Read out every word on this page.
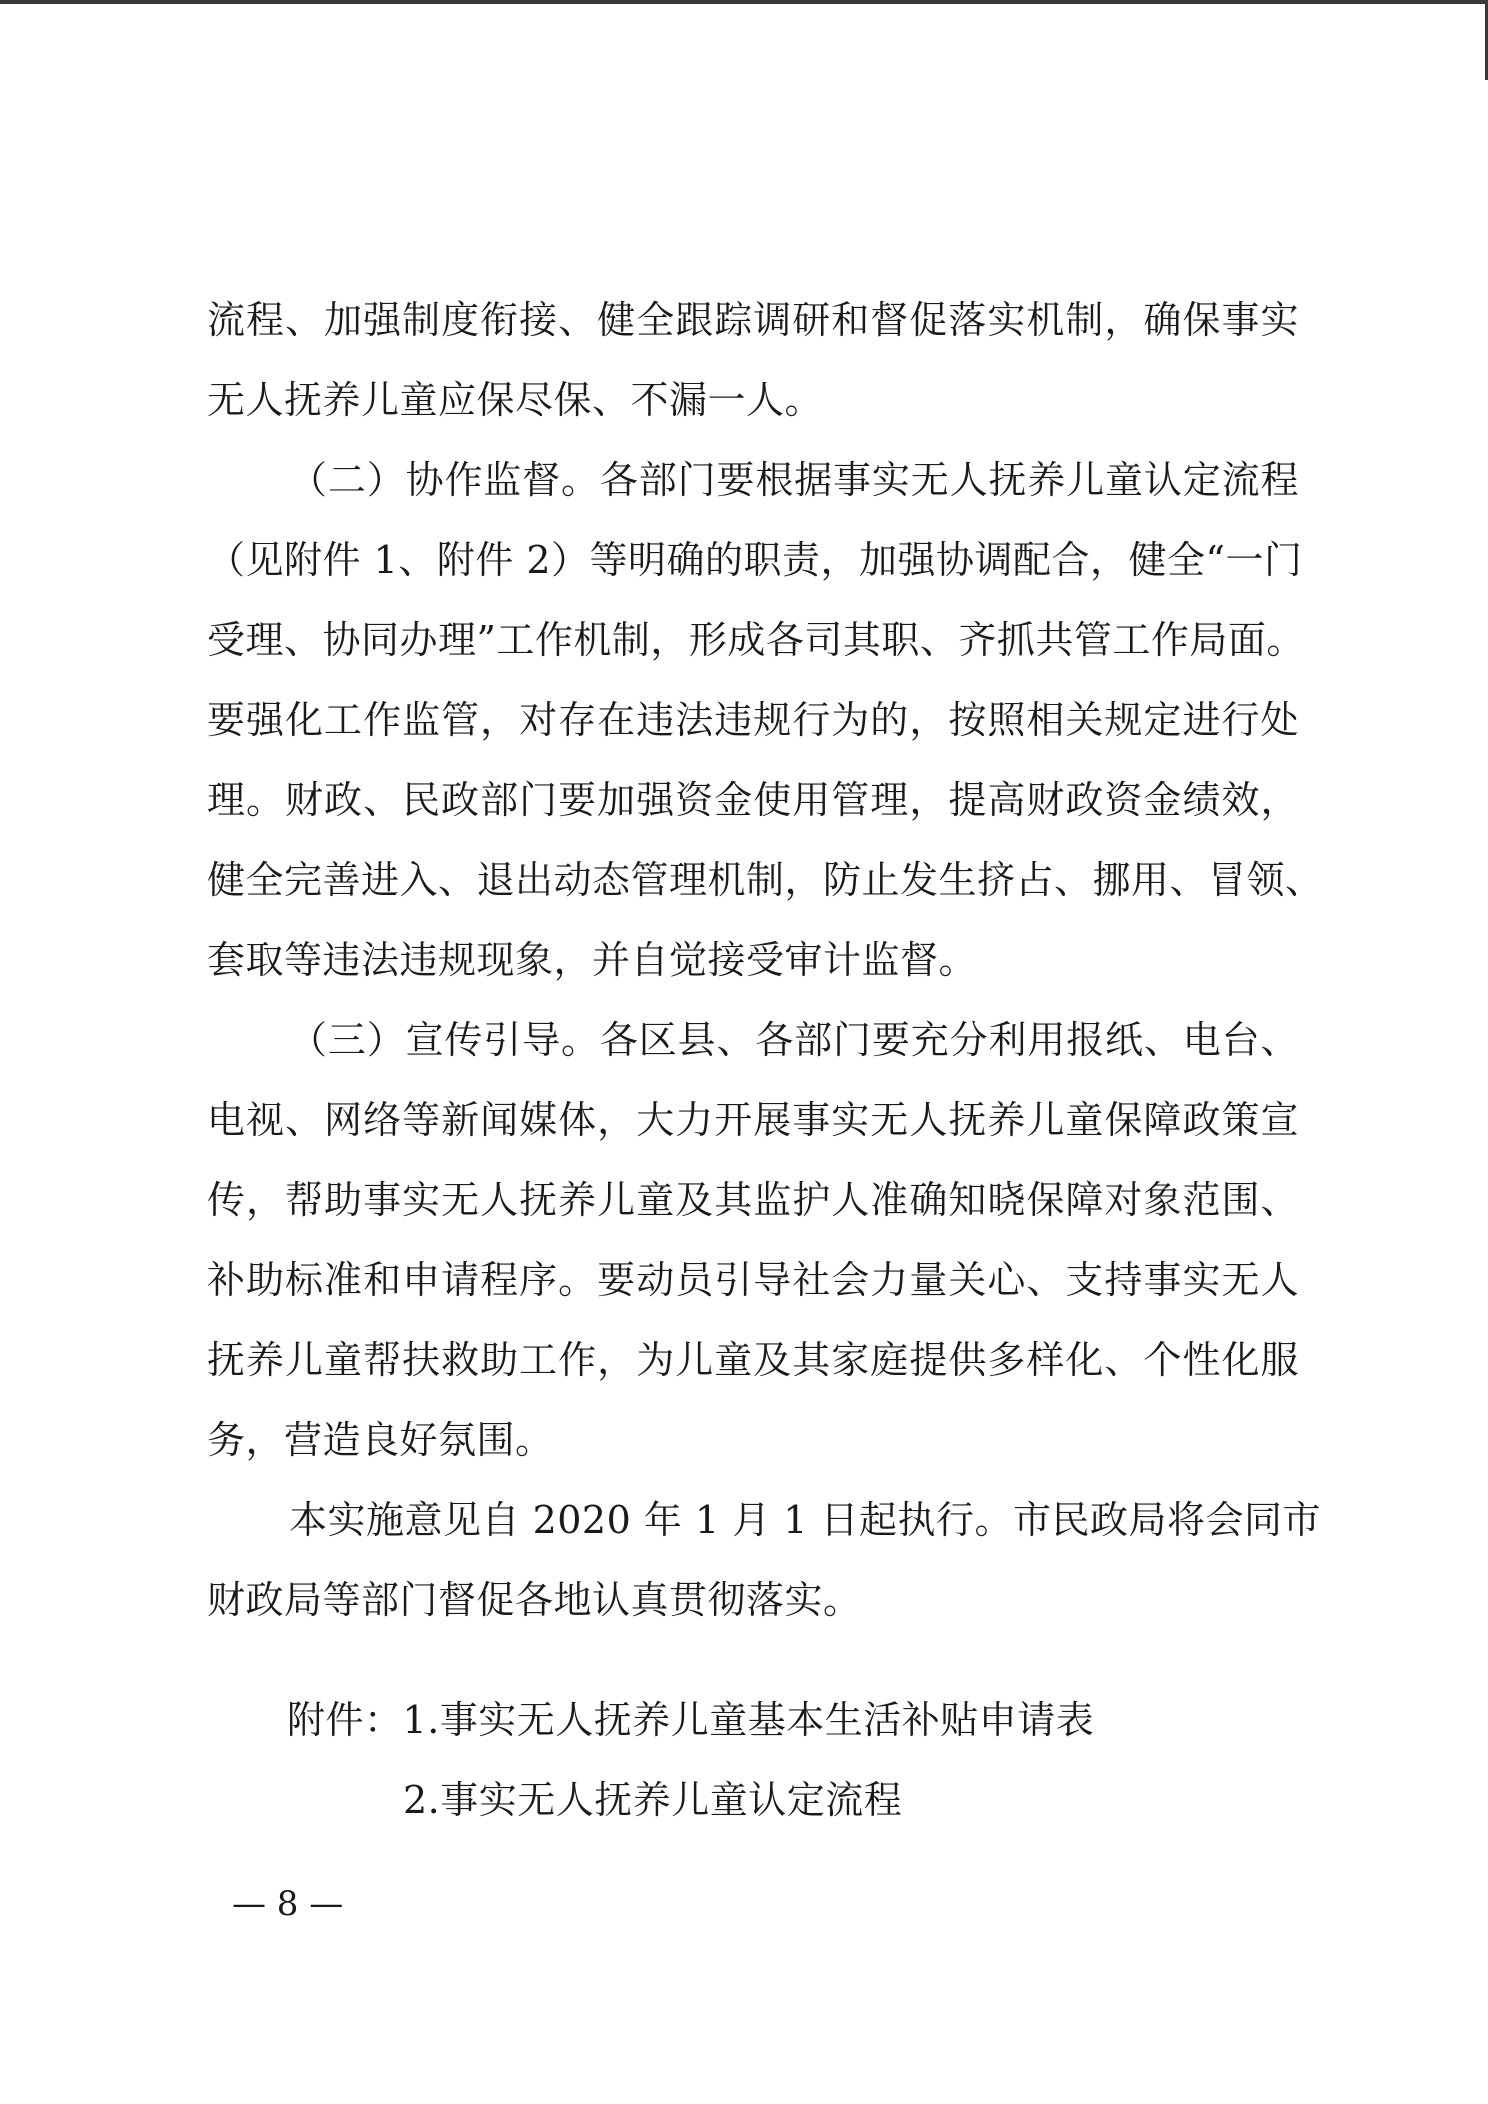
流程、加强制度衔接、健全跟踪调研和督促落实机制，确保事实
无人抚养儿童应保尽保、不漏一人。
（二）协作监督。各部门要根据事实无人抚养儿童认定流程
（见附件 1、附件 2）等明确的职责，加强协调配合，健全“一门
受理、协同办理”工作机制，形成各司其职、齐抓共管工作局面。
要强化工作监管，对存在违法违规行为的，按照相关规定进行处
理。财政、民政部门要加强资金使用管理，提高财政资金绩效，
健全完善进入、退出动态管理机制，防止发生挤占、挪用、冒领、
套取等违法违规现象，并自觉接受审计监督。
（三）宣传引导。各区县、各部门要充分利用报纸、电台、
电视、网络等新闻媒体，大力开展事实无人抚养儿童保障政策宣
传，帮助事实无人抚养儿童及其监护人准确知晓保障对象范围、
补助标准和申请程序。要动员引导社会力量关心、支持事实无人
抚养儿童帮扶救助工作，为儿童及其家庭提供多样化、个性化服
务，营造良好氛围。
本实施意见自 2020 年 1 月 1 日起执行。市民政局将会同市
财政局等部门督促各地认真贯彻落实。
附件：1.事实无人抚养儿童基本生活补贴申请表
2.事实无人抚养儿童认定流程
— 8 —
